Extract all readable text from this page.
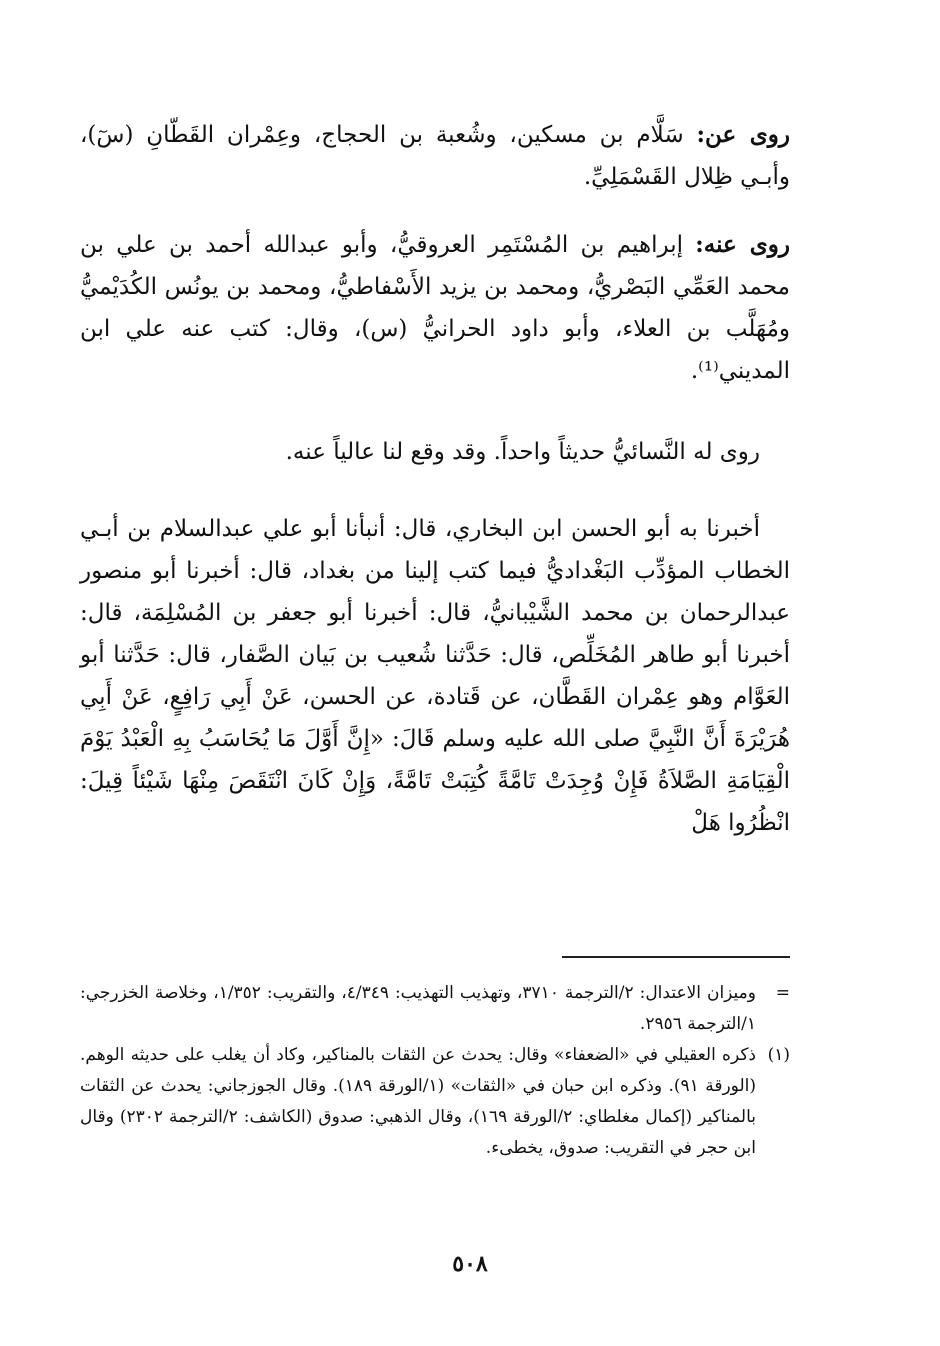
روى عن: سَلَّام بن مسكين، وشُعبة بن الحجاج، وعِمْران القَطّانِ (سٓ)، وأبـي ظِلال القَسْمَلِيِّ.

روى عنه: إبراهيم بن المُسْتَمِر العروقيُّ، وأبو عبدالله أحمد بن علي بن محمد العَمِّي البَصْريُّ، ومحمد بن يزيد الأَسْفاطيُّ، ومحمد بن يونُس الكُدَيْميُّ ومُهَلَّب بن العلاء، وأبو داود الحرانيُّ (س)، وقال: كتب عنه علي ابن المديني⁽¹⁾.

روى له النَّسائيُّ حديثاً واحداً. وقد وقع لنا عالياً عنه.

أخبرنا به أبو الحسن ابن البخاري، قال: أنبأنا أبو علي عبدالسلام بن أبـي الخطاب المؤدِّب البَغْداديُّ فيما كتب إلينا من بغداد، قال: أخبرنا أبو منصور عبدالرحمان بن محمد الشَّيْبانيُّ، قال: أخبرنا أبو جعفر بن المُسْلِمَة، قال: أخبرنا أبو طاهر المُخَلِّص، قال: حَدَّثنا شُعيب بن بَيان الصَّفار، قال: حَدَّثنا أبو العَوَّام وهو عِمْران القَطَّان، عن قَتادة، عن الحسن، عَنْ أَبِي رَافِعٍ، عَنْ أَبِي هُرَيْرَةَ أَنَّ النَّبِيَّ صلى الله عليه وسلم قَالَ: «إِنَّ أَوَّلَ مَا يُحَاسَبُ بِهِ الْعَبْدُ يَوْمَ الْقِيَامَةِ الصَّلاَةُ فَإِنْ وُجِدَتْ تَامَّةً كُتِبَتْ تَامَّةً، وَإِنْ كَانَ انْتَقَصَ مِنْهَا شَيْئاً قِيلَ: انْظُرُوا هَلْ

=
وميزان الاعتدال: ٢/الترجمة ٣٧١٠، وتهذيب التهذيب: ٤/٣٤٩، والتقريب: ١/٣٥٢، وخلاصة الخزرجي: ١/الترجمة ٢٩٥٦.
(١)
ذكره العقيلي في «الضعفاء» وقال: يحدث عن الثقات بالمناكير، وكاد أن يغلب على حديثه الوهم. (الورقة ٩١). وذكره ابن حبان في «الثقات» (١/الورقة ١٨٩). وقال الجوزجاني: يحدث عن الثقات بالمناكير (إكمال مغلطاي: ٢/الورقة ١٦٩)، وقال الذهبي: صدوق (الكاشف: ٢/الترجمة ٢٣٠٢) وقال ابن حجر في التقريب: صدوق، يخطىء.
٥٠٨
